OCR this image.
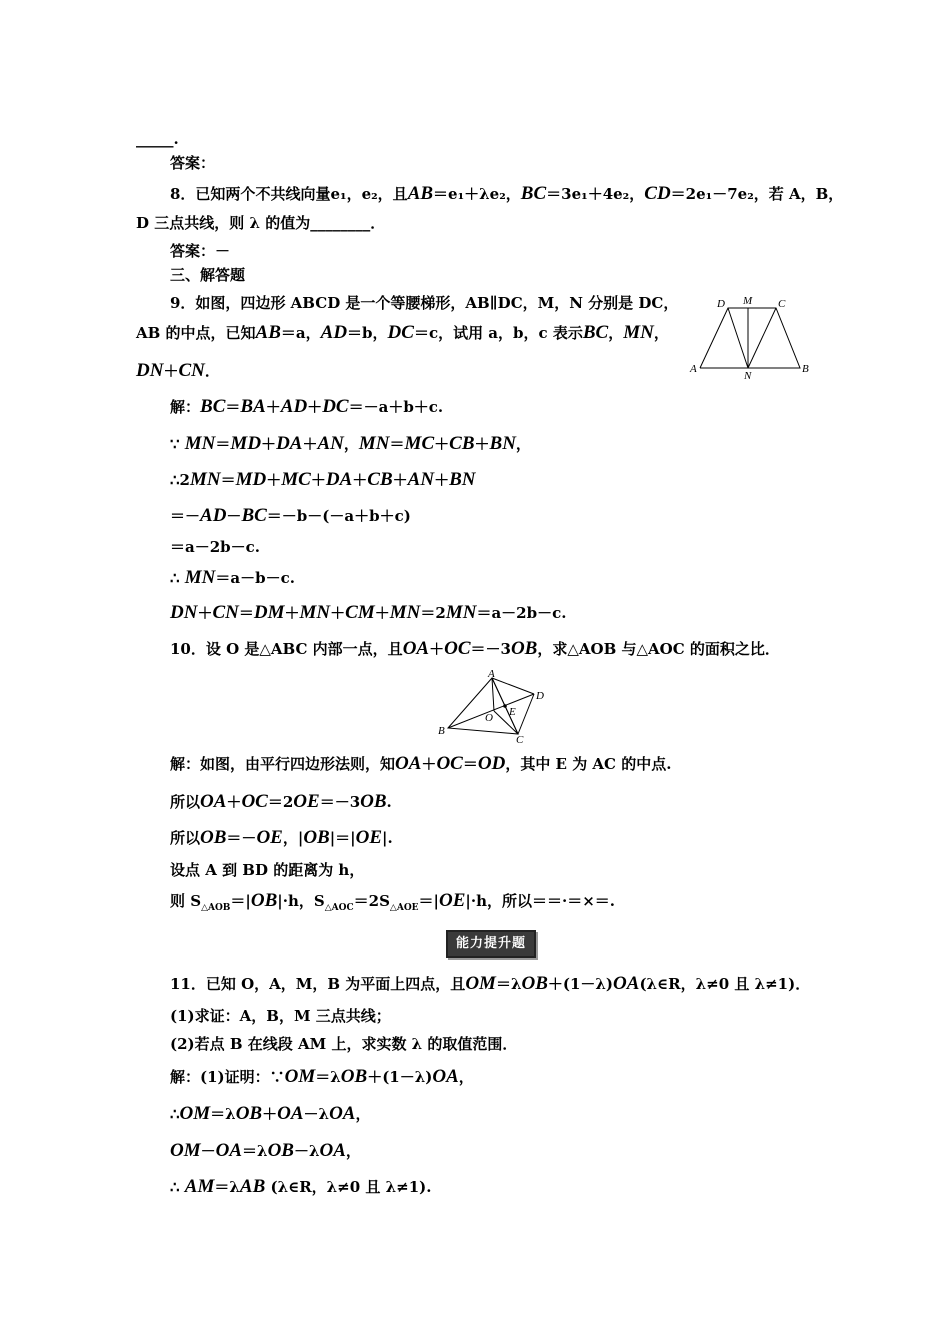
_____.
答案：
8．已知两个不共线向量e₁，e₂，且AB＝e₁＋λe₂，BC＝3e₁＋4e₂，CD＝2e₁－7e₂，若 A，B，
D 三点共线，则 λ 的值为________．
答案：－
三、解答题
9．如图，四边形 ABCD 是一个等腰梯形，AB∥DC，M，N 分别是 DC，
AB 的中点，已知AB＝a，AD＝b，DC＝c，试用 a，b，c 表示BC，MN，
DN＋CN．
D M C
A
N
B
解：BC＝BA＋AD＋DC＝－a＋b＋c.
∵ MN＝MD＋DA＋AN，MN＝MC＋CB＋BN，
∴2MN＝MD＋MC＋DA＋CB＋AN＋BN
＝－AD－BC＝－b－(－a＋b＋c)
＝a－2b－c.
∴ MN＝a－b－c.
DN＋CN＝DM＋MN＋CM＋MN＝2MN＝a－2b－c.
10．设 O 是△ABC 内部一点，且OA＋OC＝－3OB，求△AOB 与△AOC 的面积之比．
A
D
E
O
B
C
解：如图，由平行四边形法则，知OA＋OC＝OD，其中 E 为 AC 的中点.
所以OA＋OC＝2OE＝－3OB.
所以OB＝－OE，|OB|＝|OE|.
设点 A 到 BD 的距离为 h，
则 $S_{\triangle AOB}=|OB|\cdot h$，$S_{\triangle AOC}=2S_{\triangle AOE}=|OE|\cdot h$，所以＝＝·＝×＝.
能力提升题
11．已知 O，A，M，B 为平面上四点，且OM＝λOB＋(1－λ)OA(λ∈R，λ≠0 且 λ≠1)．
(1)求证：A，B，M 三点共线；
(2)若点 B 在线段 AM 上，求实数 λ 的取值范围．
解：(1)证明：∵OM＝λOB＋(1－λ)OA，
∴OM＝λOB＋OA－λOA，
OM－OA＝λOB－λOA，
∴ AM＝λAB (λ∈R，λ≠0 且 λ≠1).
